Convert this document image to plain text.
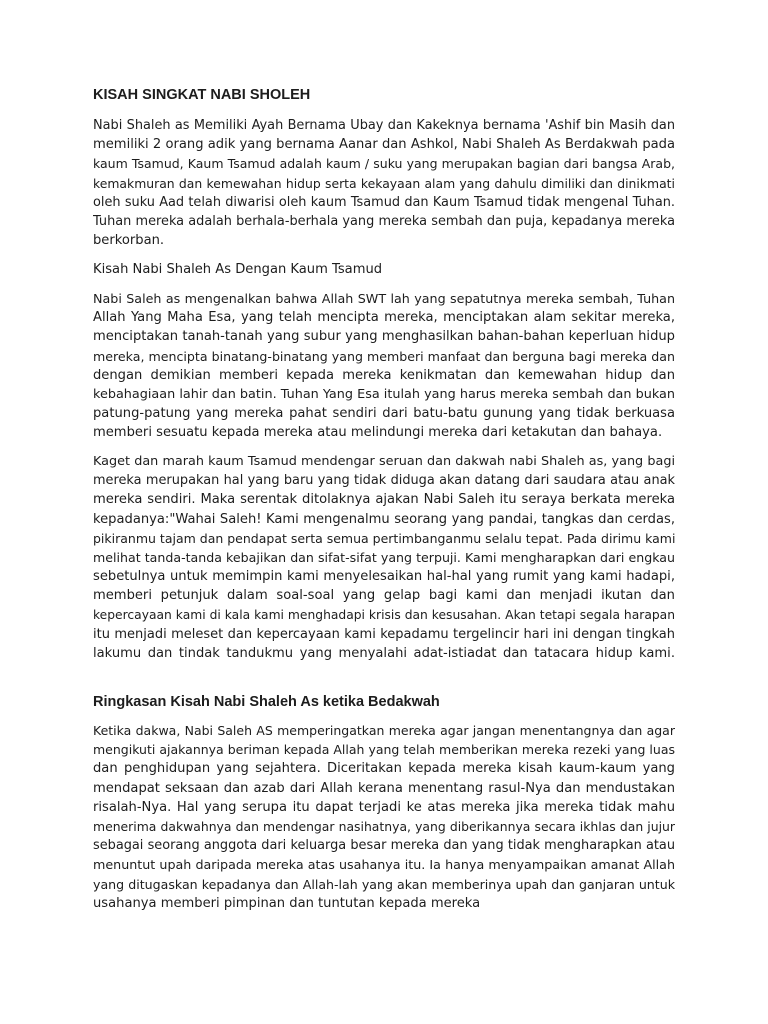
KISAH SINGKAT NABI SHOLEH
Nabi Shaleh as Memiliki Ayah Bernama Ubay dan Kakeknya bernama 'Ashif bin Masih dan
memiliki 2 orang adik yang bernama Aanar dan Ashkol, Nabi Shaleh As Berdakwah pada
kaum Tsamud, Kaum Tsamud adalah kaum / suku yang merupakan bagian dari bangsa Arab,
kemakmuran dan kemewahan hidup serta kekayaan alam yang dahulu dimiliki dan dinikmati
oleh suku Aad telah diwarisi oleh kaum Tsamud dan Kaum Tsamud tidak mengenal Tuhan.
Tuhan mereka adalah berhala-berhala yang mereka sembah dan puja, kepadanya mereka
berkorban.
Kisah Nabi Shaleh As Dengan Kaum Tsamud
Nabi Saleh as mengenalkan bahwa Allah SWT lah yang sepatutnya mereka sembah, Tuhan
Allah Yang Maha Esa, yang telah mencipta mereka, menciptakan alam sekitar mereka,
menciptakan tanah-tanah yang subur yang menghasilkan bahan-bahan keperluan hidup
mereka, mencipta binatang-binatang yang memberi manfaat dan berguna bagi mereka dan
dengan demikian memberi kepada mereka kenikmatan dan kemewahan hidup dan
kebahagiaan lahir dan batin. Tuhan Yang Esa itulah yang harus mereka sembah dan bukan
patung-patung yang mereka pahat sendiri dari batu-batu gunung yang tidak berkuasa
memberi sesuatu kepada mereka atau melindungi mereka dari ketakutan dan bahaya.
Kaget dan marah kaum Tsamud mendengar seruan dan dakwah nabi Shaleh as, yang bagi
mereka merupakan hal yang baru yang tidak diduga akan datang dari saudara atau anak
mereka sendiri. Maka serentak ditolaknya ajakan Nabi Saleh itu seraya berkata mereka
kepadanya:"Wahai Saleh! Kami mengenalmu seorang yang pandai, tangkas dan cerdas,
pikiranmu tajam dan pendapat serta semua pertimbanganmu selalu tepat. Pada dirimu kami
melihat tanda-tanda kebajikan dan sifat-sifat yang terpuji. Kami mengharapkan dari engkau
sebetulnya untuk memimpin kami menyelesaikan hal-hal yang rumit yang kami hadapi,
memberi petunjuk dalam soal-soal yang gelap bagi kami dan menjadi ikutan dan
kepercayaan kami di kala kami menghadapi krisis dan kesusahan. Akan tetapi segala harapan
itu menjadi meleset dan kepercayaan kami kepadamu tergelincir hari ini dengan tingkah
lakumu dan tindak tandukmu yang menyalahi adat-istiadat dan tatacara hidup kami.
Ringkasan Kisah Nabi Shaleh As ketika Bedakwah
Ketika dakwa, Nabi Saleh AS memperingatkan mereka agar jangan menentangnya dan agar
mengikuti ajakannya beriman kepada Allah yang telah memberikan mereka rezeki yang luas
dan penghidupan yang sejahtera. Diceritakan kepada mereka kisah kaum-kaum yang
mendapat seksaan dan azab dari Allah kerana menentang rasul-Nya dan mendustakan
risalah-Nya. Hal yang serupa itu dapat terjadi ke atas mereka jika mereka tidak mahu
menerima dakwahnya dan mendengar nasihatnya, yang diberikannya secara ikhlas dan jujur
sebagai seorang anggota dari keluarga besar mereka dan yang tidak mengharapkan atau
menuntut upah daripada mereka atas usahanya itu. Ia hanya menyampaikan amanat Allah
yang ditugaskan kepadanya dan Allah-lah yang akan memberinya upah dan ganjaran untuk
usahanya memberi pimpinan dan tuntutan kepada mereka
